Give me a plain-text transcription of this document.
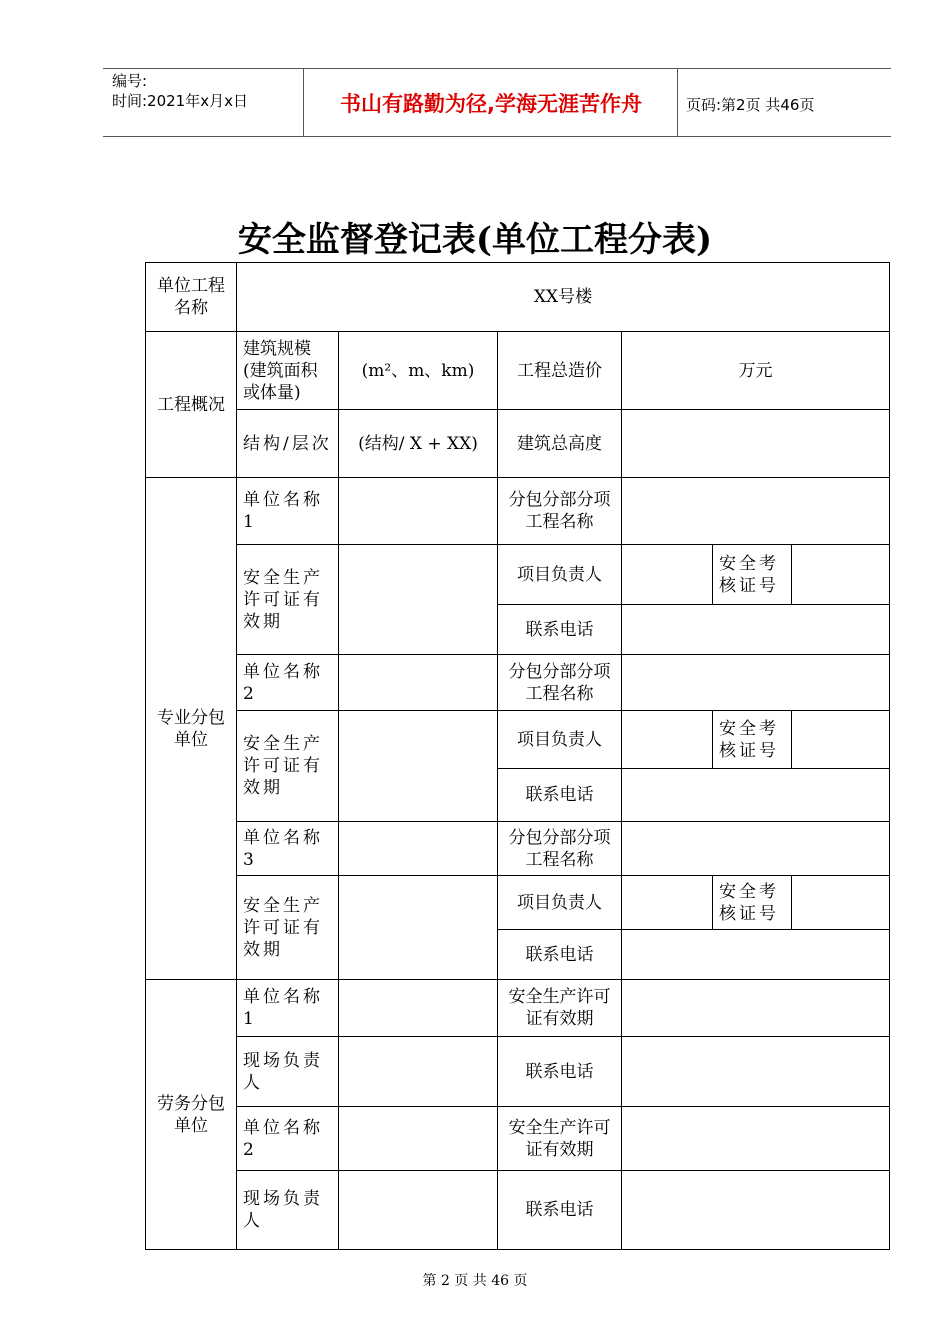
编号:
时间:2021年x月x日	书山有路勤为径,学海无涯苦作舟	页码:第2页 共46页
安全监督登记表(单位工程分表)
单位工程名称	XX号楼					
工程概况	建筑规模(建筑面积或体量)	(m²、m、km)	工程总造价	万元		
	结构/层次	(结构/ X + XX)	建筑总高度			
专业分包单位	单位名称1		分包分部分项工程名称			
	安全生产许可证有效期		项目负责人		安全考核证号	
			联系电话			
	单位名称2		分包分部分项工程名称			
	安全生产许可证有效期		项目负责人		安全考核证号	
			联系电话			
	单位名称3		分包分部分项工程名称			
	安全生产许可证有效期		项目负责人		安全考核证号	
			联系电话			
劳务分包单位	单位名称1		安全生产许可证有效期			
	现场负责人		联系电话			
	单位名称2		安全生产许可证有效期			
	现场负责人		联系电话			
第 2 页 共 46 页
